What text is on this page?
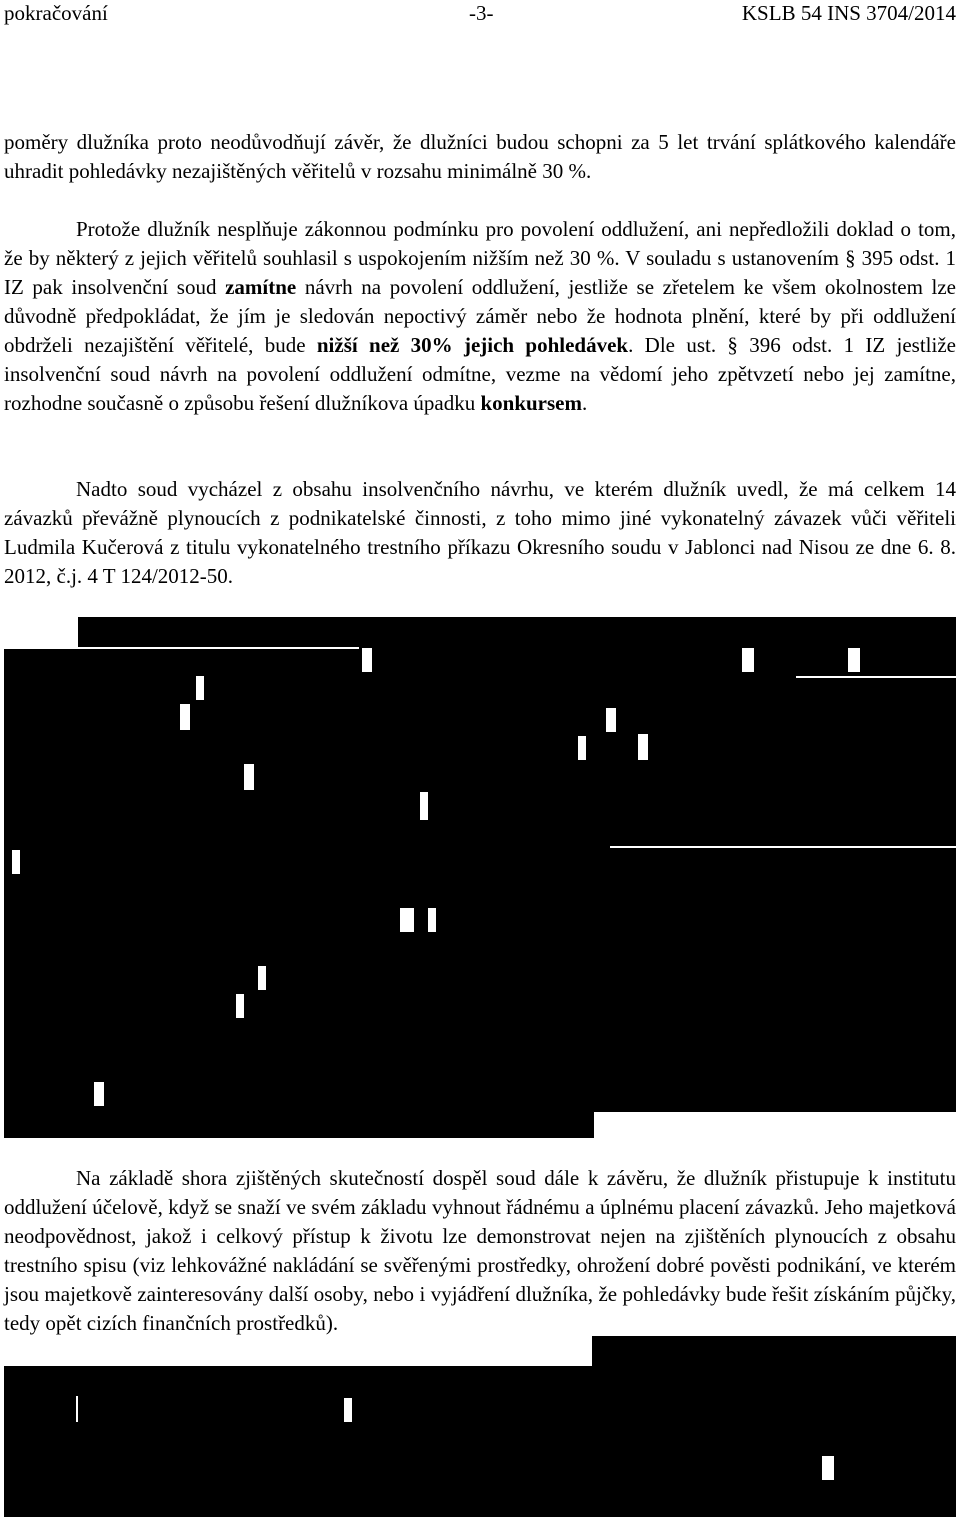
pokračování	-3-	KSLB 54 INS 3704/2014

poměry dlužníka proto neodůvodňují závěr, že dlužníci budou schopni za 5 let trvání splátkového kalendáře uhradit pohledávky nezajištěných věřitelů v rozsahu minimálně 30 %.

Protože dlužník nesplňuje zákonnou podmínku pro povolení oddlužení, ani nepředložili doklad o tom, že by některý z jejich věřitelů souhlasil s uspokojením nižším než 30 %. V souladu s ustanovením § 395 odst. 1 IZ pak insolvenční soud zamítne návrh na povolení oddlužení, jestliže se zřetelem ke všem okolnostem lze důvodně předpokládat, že jím je sledován nepoctivý záměr nebo že hodnota plnění, které by při oddlužení obdrželi nezajištění věřitelé, bude nižší než 30% jejich pohledávek. Dle ust. § 396 odst. 1 IZ jestliže insolvenční soud návrh na povolení oddlužení odmítne, vezme na vědomí jeho zpětvzetí nebo jej zamítne, rozhodne současně o způsobu řešení dlužníkova úpadku konkursem.

Nadto soud vycházel z obsahu insolvenčního návrhu, ve kterém dlužník uvedl, že má celkem 14 závazků převážně plynoucích z podnikatelské činnosti, z toho mimo jiné vykonatelný závazek vůči věřiteli Ludmila Kučerová z titulu vykonatelného trestního příkazu Okresního soudu v Jablonci nad Nisou ze dne 6. 8. 2012, č.j. 4 T 124/2012-50.

Na základě shora zjištěných skutečností dospěl soud dále k závěru, že dlužník přistupuje k institutu oddlužení účelově, když se snaží ve svém základu vyhnout řádnému a úplnému placení závazků. Jeho majetková neodpovědnost, jakož i celkový přístup k životu lze demonstrovat nejen na zjištěních plynoucích z obsahu trestního spisu (viz lehkovážné nakládání se svěřenými prostředky, ohrožení dobré pověsti podnikání, ve kterém jsou majetkově zainteresovány další osoby, nebo i vyjádření dlužníka, že pohledávky bude řešit získáním půjčky, tedy opět cizích finančních prostředků).
